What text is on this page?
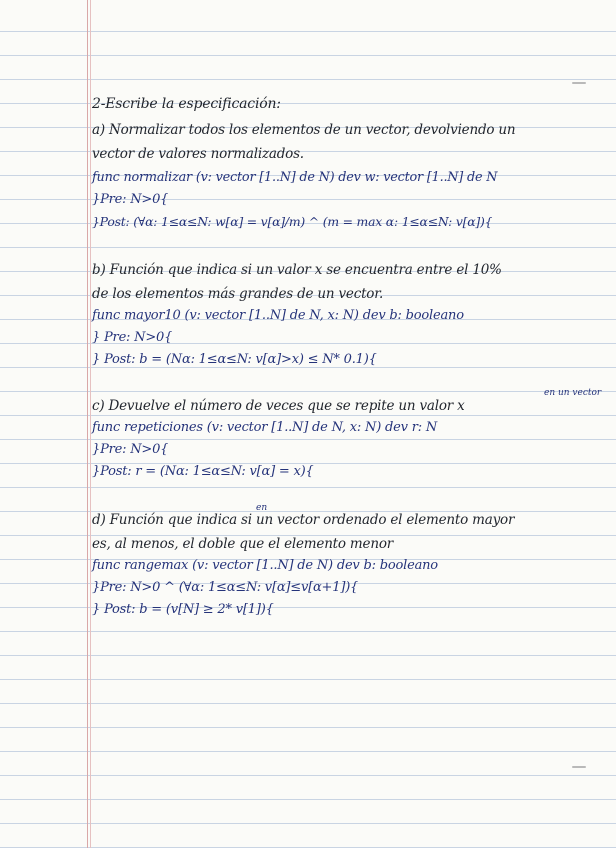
2-Escribe la especificación:
a) Normalizar todos los elementos de un vector, devolviendo un
vector de valores normalizados.
func normalizar (v: vector [1..N] de N) dev w: vector [1..N] de N
}Pre: N>0{
}Post: (∀α: 1≤α≤N: w[α] = v[α]/m) ^ (m = max α: 1≤α≤N: v[α]){
b) Función que indica si un valor x se encuentra entre el 10%
de los elementos más grandes de un vector.
func mayor10 (v: vector [1..N] de N, x: N) dev b: booleano
} Pre: N>0{
} Post: b = (Nα: 1≤α≤N: v[α]>x) ≤ N* 0.1){
en un vector
c) Devuelve el número de veces que se repite un valor x
func repeticiones (v: vector [1..N] de N, x: N) dev r: N
}Pre: N>0{
}Post: r = (Nα: 1≤α≤N: v[α] = x){
en
d) Función que indica si un vector ordenado el elemento mayor
es, al menos, el doble que el elemento menor
func rangemax (v: vector [1..N] de N) dev b: booleano
}Pre: N>0 ^ (∀α: 1≤α≤N: v[α]≤v[α+1]){
} Post: b = (v[N] ≥ 2* v[1]){
